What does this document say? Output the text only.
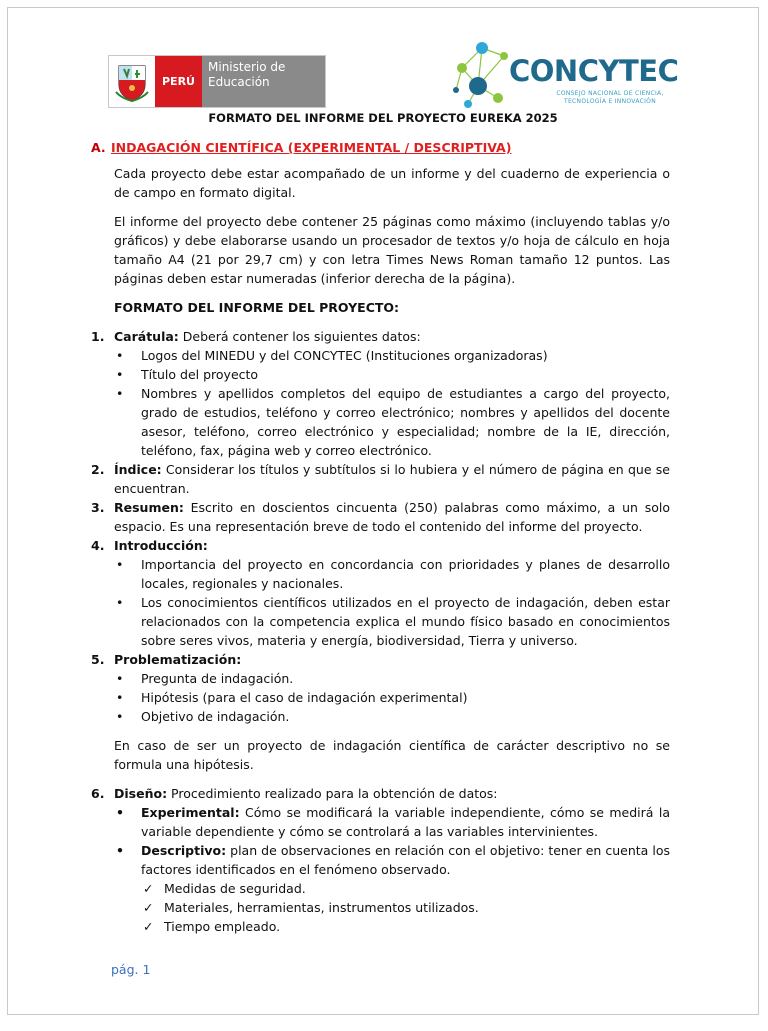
PERÚ
Ministerio de Educación	CONCYTEC
CONSEJO NACIONAL DE CIENCIA, TECNOLOGÍA E INNOVACIÓN
FORMATO DEL INFORME DEL PROYECTO EUREKA 2025
A. INDAGACIÓN CIENTÍFICA (EXPERIMENTAL / DESCRIPTIVA)

Cada proyecto debe estar acompañado de un informe y del cuaderno de experiencia o de campo en formato digital.

El informe del proyecto debe contener 25 páginas como máximo (incluyendo tablas y/o gráficos) y debe elaborarse usando un procesador de textos y/o hoja de cálculo en hoja tamaño A4 (21 por 29,7 cm) y con letra Times News Roman tamaño 12 puntos. Las páginas deben estar numeradas (inferior derecha de la página).

FORMATO DEL INFORME DEL PROYECTO:

1. Carátula: Deberá contener los siguientes datos:
• Logos del MINEDU y del CONCYTEC (Instituciones organizadoras)
• Título del proyecto
• Nombres y apellidos completos del equipo de estudiantes a cargo del proyecto, grado de estudios, teléfono y correo electrónico; nombres y apellidos del docente asesor, teléfono, correo electrónico y especialidad; nombre de la IE, dirección, teléfono, fax, página web y correo electrónico.
2. Índice: Considerar los títulos y subtítulos si lo hubiera y el número de página en que se encuentran.
3. Resumen: Escrito en doscientos cincuenta (250) palabras como máximo, a un solo espacio. Es una representación breve de todo el contenido del informe del proyecto.
4. Introducción:
• Importancia del proyecto en concordancia con prioridades y planes de desarrollo locales, regionales y nacionales.
• Los conocimientos científicos utilizados en el proyecto de indagación, deben estar relacionados con la competencia explica el mundo físico basado en conocimientos sobre seres vivos, materia y energía, biodiversidad, Tierra y universo.
5. Problematización:
• Pregunta de indagación.
• Hipótesis (para el caso de indagación experimental)
• Objetivo de indagación.

En caso de ser un proyecto de indagación científica de carácter descriptivo no se formula una hipótesis.

6. Diseño: Procedimiento realizado para la obtención de datos:
• Experimental: Cómo se modificará la variable independiente, cómo se medirá la variable dependiente y cómo se controlará a las variables intervinientes.
• Descriptivo: plan de observaciones en relación con el objetivo: tener en cuenta los factores identificados en el fenómeno observado.
✓ Medidas de seguridad.
✓ Materiales, herramientas, instrumentos utilizados.
✓ Tiempo empleado.
pág. 1
